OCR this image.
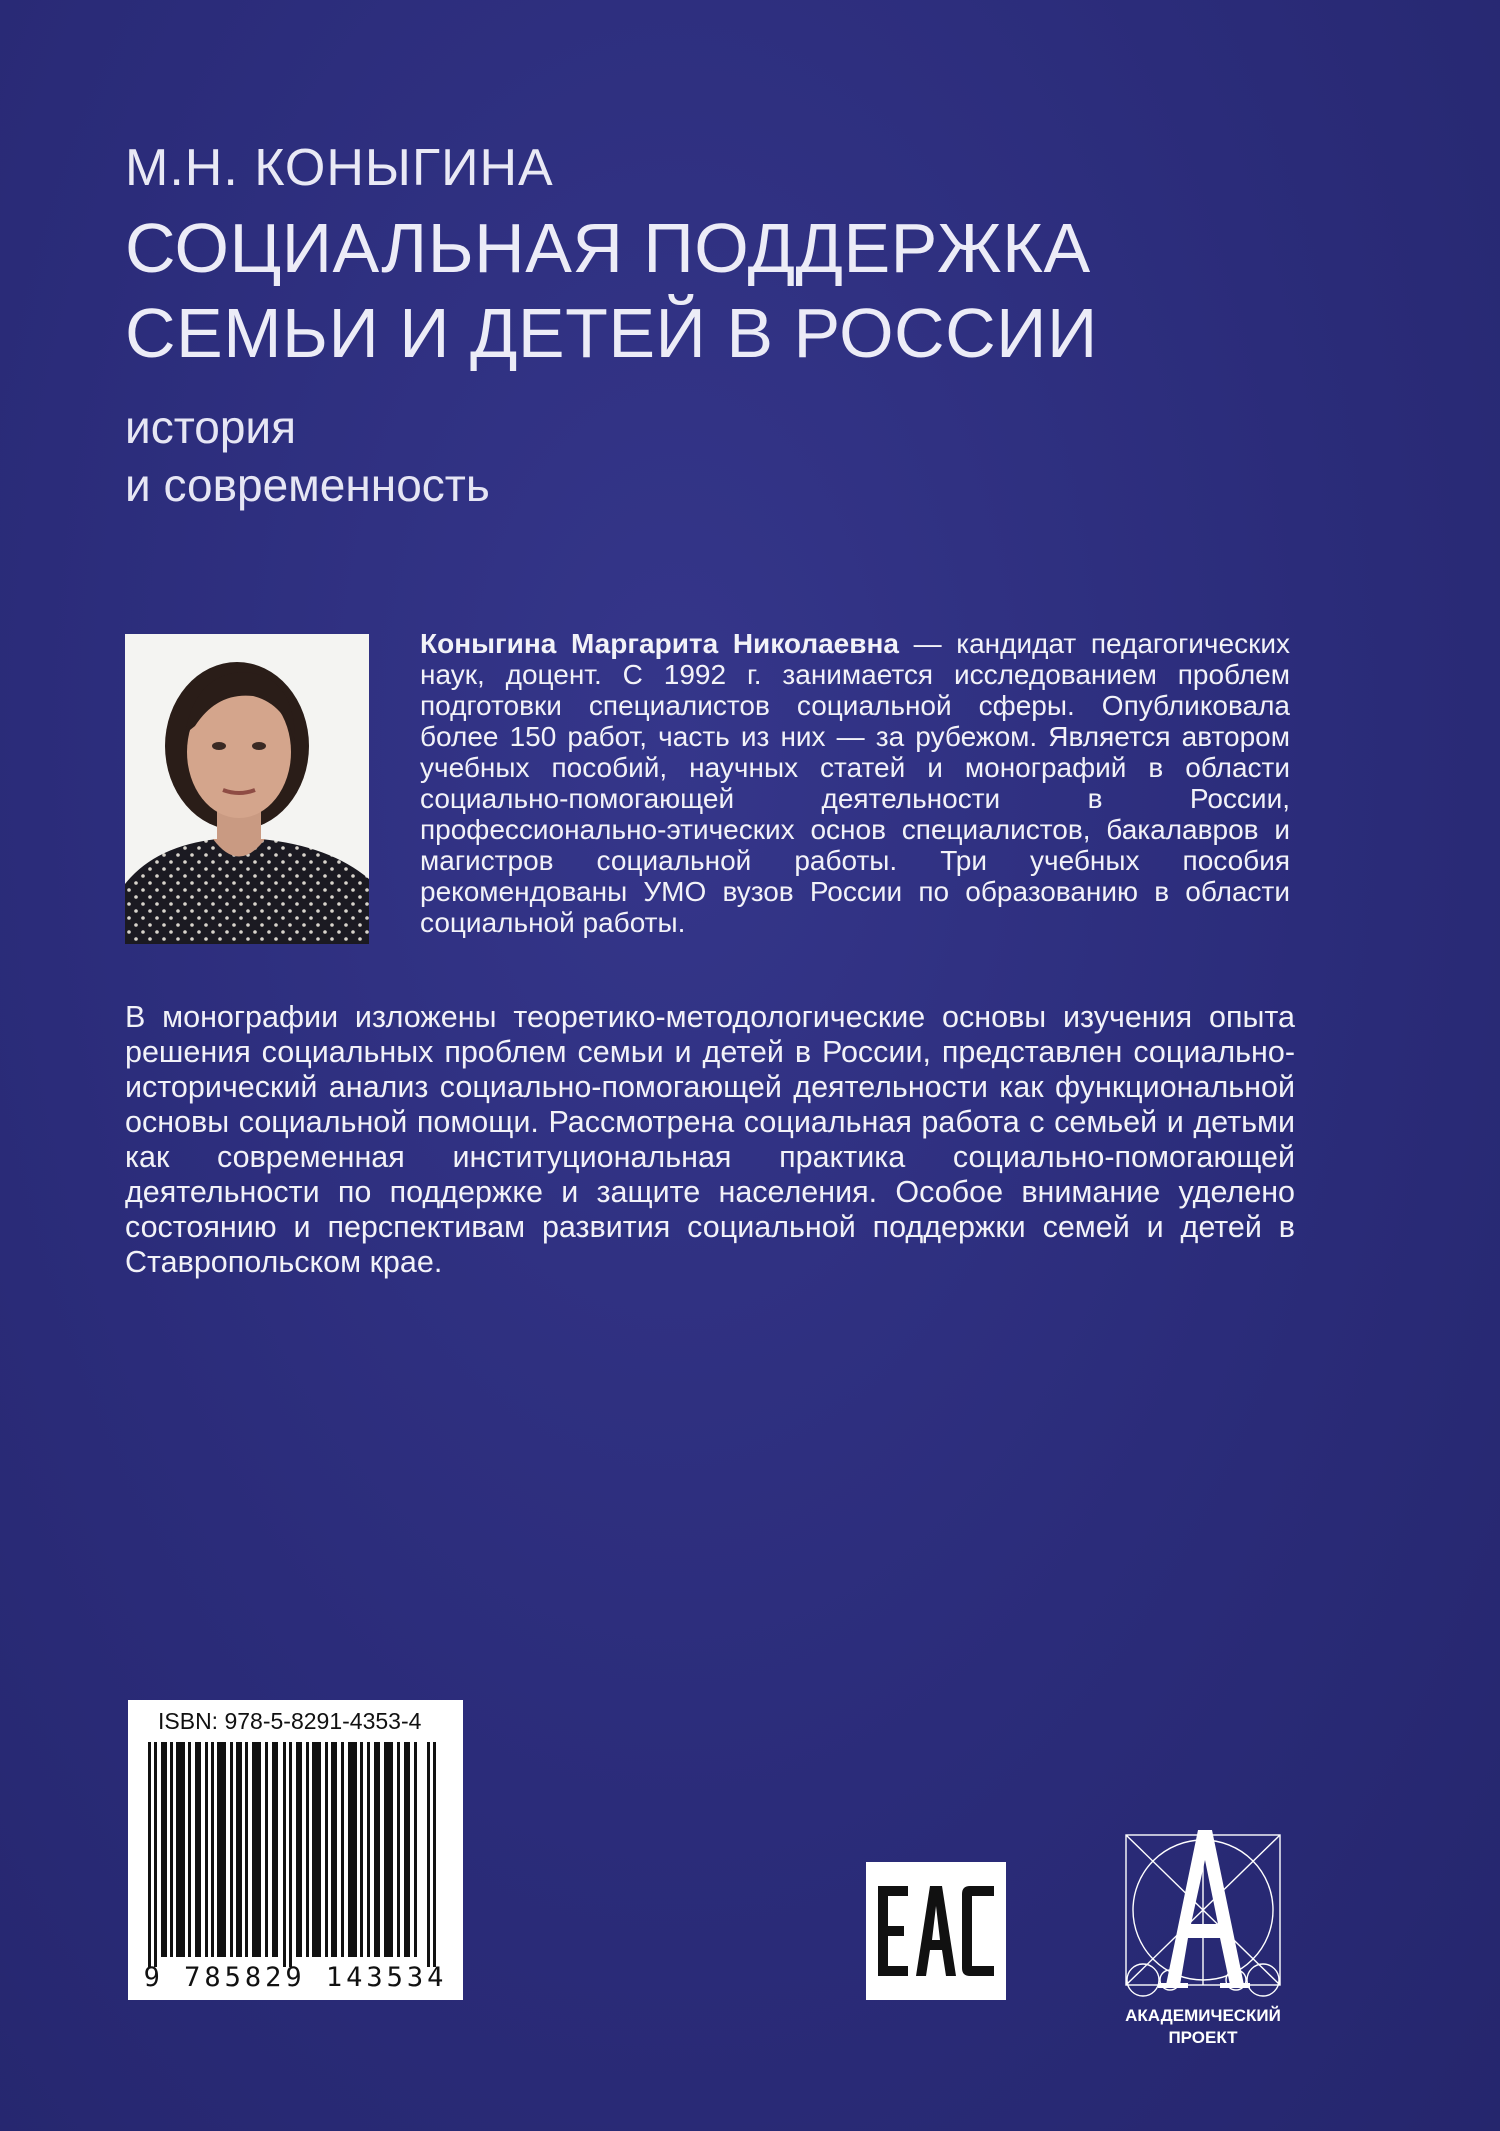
М.Н. КОНЫГИНА
СОЦИАЛЬНАЯ ПОДДЕРЖКА
СЕМЬИ И ДЕТЕЙ В РОССИИ
история
и современность
Коныгина Маргарита Николаевна — кандидат педагогических наук, доцент. С 1992 г. занимается исследованием проблем подготовки специалистов социальной сферы. Опубликовала более 150 работ, часть из них — за рубежом. Является автором учебных пособий, научных статей и монографий в области социально-помогающей деятельности в России, профессионально-этических основ специалистов, бакалавров и магистров социальной работы. Три учебных пособия рекомендованы УМО вузов России по образованию в области социальной работы.
В монографии изложены теоретико-методологические основы изучения опыта решения социальных проблем семьи и детей в России, представлен социально-исторический анализ социально-помогающей деятельности как функциональной основы социальной помощи. Рассмотрена социальная работа с семьей и детьми как современная институциональная практика социально-помогающей деятельности по поддержке и защите населения. Особое внимание уделено состоянию и перспективам развития социальной поддержки семей и детей в Ставропольском крае.
ISBN: 978-5-8291-4353-4
9 785829 143534
АКАДЕМИЧЕСКИЙ
ПРОЕКТ
